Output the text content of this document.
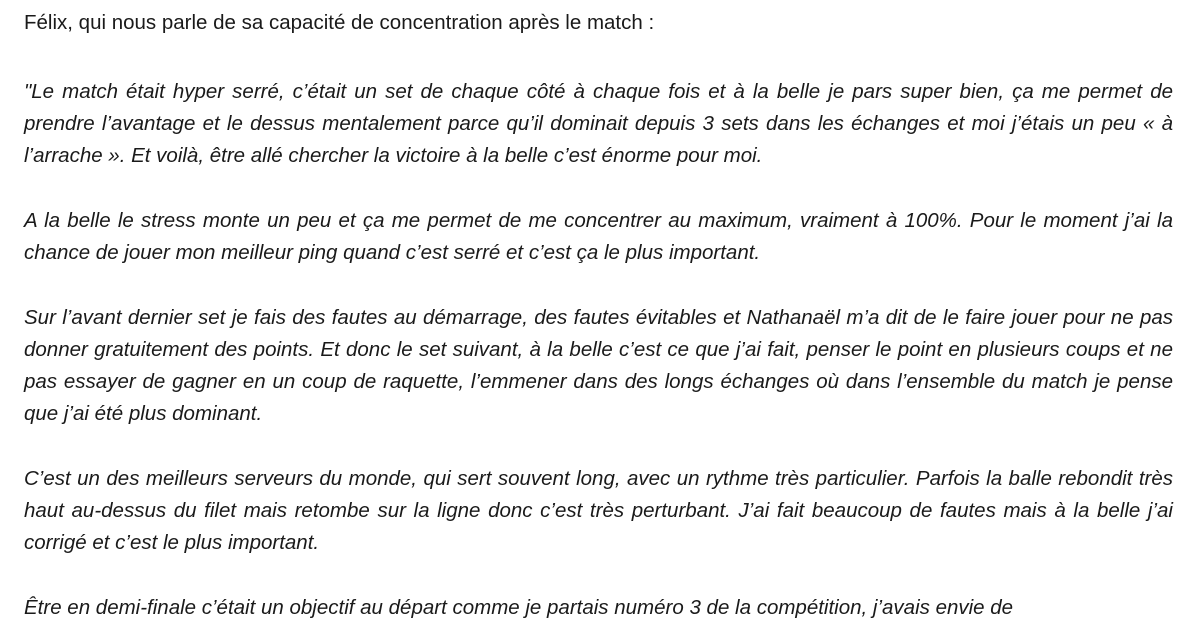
Félix, qui nous parle de sa capacité de concentration après le match :

"Le match était hyper serré, c’était un set de chaque côté à chaque fois et à la belle je pars super bien, ça me permet de prendre l’avantage et le dessus mentalement parce qu’il dominait depuis 3 sets dans les échanges et moi j’étais un peu « à l’arrache ». Et voilà, être allé chercher la victoire à la belle c’est énorme pour moi.

A la belle le stress monte un peu et ça me permet de me concentrer au maximum, vraiment à 100%. Pour le moment j’ai la chance de jouer mon meilleur ping quand c’est serré et c’est ça le plus important.

Sur l’avant dernier set je fais des fautes au démarrage, des fautes évitables et Nathanaël m’a dit de le faire jouer pour ne pas donner gratuitement des points. Et donc le set suivant, à la belle c’est ce que j’ai fait, penser le point en plusieurs coups et ne pas essayer de gagner en un coup de raquette, l’emmener dans des longs échanges où dans l’ensemble du match je pense que j’ai été plus dominant.

C’est un des meilleurs serveurs du monde, qui sert souvent long, avec un rythme très particulier. Parfois la balle rebondit très haut au-dessus du filet mais retombe sur la ligne donc c’est très perturbant. J’ai fait beaucoup de fautes mais à la belle j’ai corrigé et c’est le plus important.

Être en demi-finale c’était un objectif au départ comme je partais numéro 3 de la compétition, j’avais envie de
